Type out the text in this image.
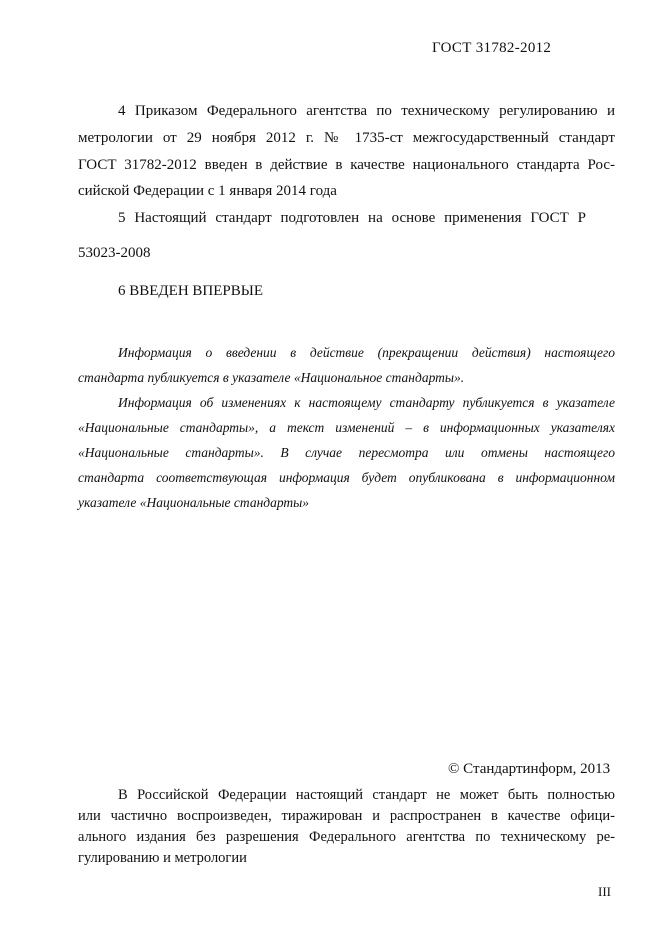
ГОСТ 31782-2012
4 Приказом Федерального агентства по техническому регулированию и
метрологии от 29 ноября 2012 г. № 1735-ст межгосударственный стандарт
ГОСТ 31782-2012 введен в действие в качестве национального стандарта Рос-
сийской Федерации с 1 января 2014 года
5 Настоящий стандарт подготовлен на основе применения ГОСТ Р
53023-2008
6 ВВЕДЕН ВПЕРВЫЕ
Информация о введении в действие (прекращении действия) настоящего
стандарта публикуется в указателе «Национальное стандарты».
Информация об изменениях к настоящему стандарту публикуется в указателе
«Национальные стандарты», а текст изменений – в информационных указателях
«Национальные стандарты». В случае пересмотра или отмены настоящего
стандарта соответствующая информация будет опубликована в информационном
указателе «Национальные стандарты»
© Стандартинформ, 2013
В Российской Федерации настоящий стандарт не может быть полностью
или частично воспроизведен, тиражирован и распространен в качестве офици-
ального издания без разрешения Федерального агентства по техническому ре-
гулированию и метрологии
III
